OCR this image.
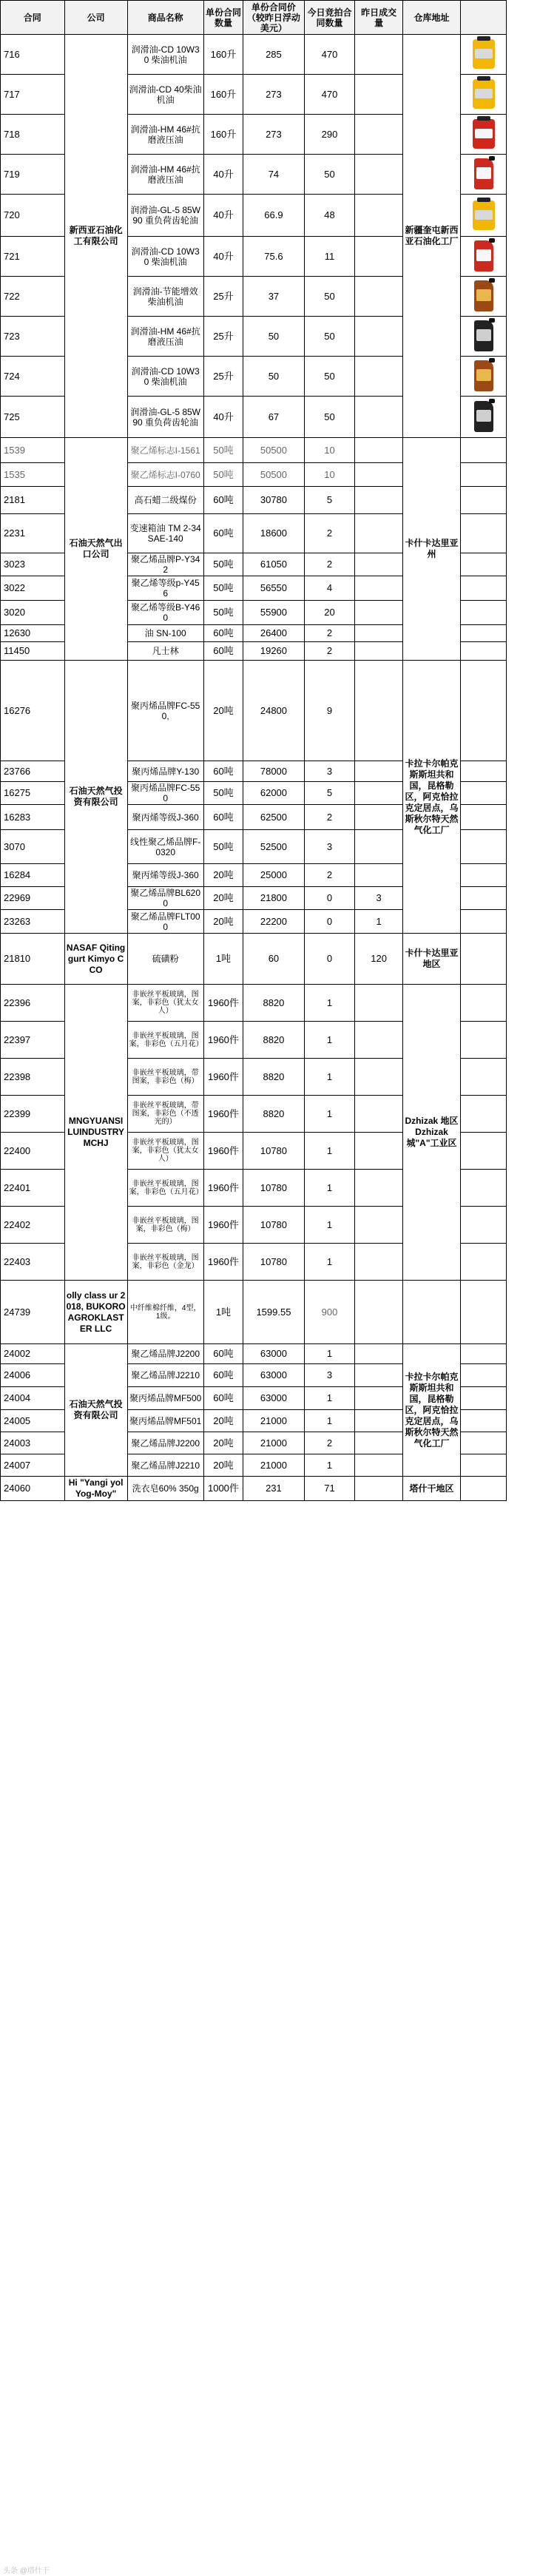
合同	公司	商品名称	单份合同数量	单份合同价（较昨日浮动美元）	今日竞拍合同数量	昨日成交量	仓库地址	
716	新西亚石油化工有限公司	润滑油-CD 10W30 柴油机油	160升	285	470		新疆奎屯新西亚石油化工厂	

717		润滑油-CD 40柴油机油	160升	273	470			

718		润滑油-HM 46#抗磨液压油	160升	273	290			

719		润滑油-HM 46#抗磨液压油	40升	74	50			

720		润滑油-GL-5 85W90 重负荷齿轮油	40升	66.9	48			

721		润滑油-CD 10W30 柴油机油	40升	75.6	11			

722		润滑油-节能增效柴油机油	25升	37	50			

723		润滑油-HM 46#抗磨液压油	25升	50	50			

724		润滑油-CD 10W30 柴油机油	25升	50	50			

725		润滑油-GL-5 85W90 重负荷齿轮油	40升	67	50			

1539	石油天然气出口公司	聚乙烯标志I-1561	50吨	50500	10		卡什卡达里亚州	
1535		聚乙烯标志I-0760	50吨	50500	10			
2181		高石蜡二级煤份	60吨	30780	5			
2231		变速箱油 TM 2-34 SAE-140	60吨	18600	2			
3023		聚乙烯品牌P-Y342	50吨	61050	2			
3022		聚乙烯等级p-Y456	50吨	56550	4			
3020		聚乙烯等级B-Y460	50吨	55900	20			
12630		油 SN-100	60吨	26400	2			
11450		凡士林	60吨	19260	2			
16276	石油天然气投资有限公司	聚丙烯品牌FC-550,	20吨	24800	9		卡拉卡尔帕克斯斯坦共和国，昆格勒区，阿克恰拉克定居点，乌斯秋尔特天然气化工厂	
23766		聚丙烯品牌Y-130	60吨	78000	3			
16275		聚丙烯品牌FC-550	50吨	62000	5			
16283		聚丙烯等级J-360	60吨	62500	2			
3070		线性聚乙烯品牌F-0320	50吨	52500	3			
16284		聚丙烯等级J-360	20吨	25000	2			
22969		聚乙烯品牌BL6200	20吨	21800	0	3		
23263		聚乙烯品牌FLT000	20吨	22200	0	1		
21810	NASAF Qitinggurt Kimyo CCO	硫磺粉	1吨	60	0	120	卡什卡达里亚地区	
22396	MNGYUANSILUINDUSTRY MCHJ	非嵌丝平板玻璃，图案，非彩色（犹太女人）	1960件	8820	1		Dzhizak 地区 Dzhizak 城"A"工业区	
22397		非嵌丝平板玻璃，图案，非彩色（五月花）	1960件	8820	1			
22398		非嵌丝平板玻璃，带图案，非彩色（梅）	1960件	8820	1			
22399		非嵌丝平板玻璃，带图案，非彩色（不透光的）	1960件	8820	1			
22400		非嵌丝平板玻璃，图案，非彩色（犹太女人）	1960件	10780	1			
22401		非嵌丝平板玻璃，图案，非彩色（五月花）	1960件	10780	1			
22402		非嵌丝平板玻璃，图案，非彩色（梅）	1960件	10780	1			
22403		非嵌丝平板玻璃，图案，非彩色（金龙）	1960件	10780	1			
24739	olly class ur 2018, BUKORO AGROKLASTER LLC	中纤维棉纤维，4型，1级。	1吨	1599.55	900			
24002	石油天然气投资有限公司	聚乙烯品牌J2200	60吨	63000	1		卡拉卡尔帕克斯斯坦共和国，昆格勒区，阿克恰拉克定居点，乌斯秋尔特天然气化工厂	
24006		聚乙烯品牌J2210	60吨	63000	3			
24004		聚丙烯品牌MF500	60吨	63000	1			
24005		聚丙烯品牌MF501	20吨	21000	1			
24003		聚乙烯品牌J2200	20吨	21000	2			
24007		聚乙烯品牌J2210	20吨	21000	1			
24060	Hi "Yangi yol Yog-Moy"	洗衣皂60% 350g	1000件	231	71		塔什干地区	
头条 @塔什干
